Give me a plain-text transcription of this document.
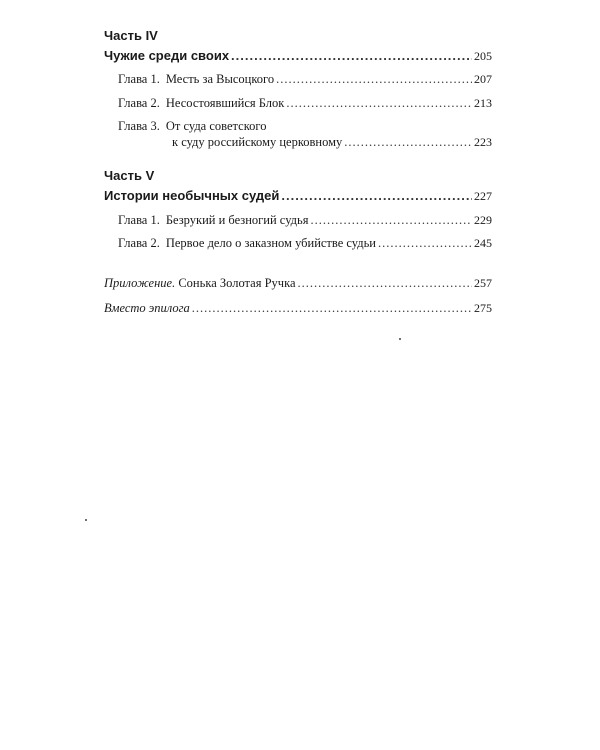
Часть IV
Чужие среди своих .....	205
Глава 1. Месть за Высоцкого .....	207
Глава 2. Несостоявшийся Блок .....	213
Глава 3. От суда советского
к суду российскому церковному .....	223
Часть V
Истории необычных судей .....	227
Глава 1. Безрукий и безногий судья .....	229
Глава 2. Первое дело о заказном убийстве судьи .....	245
Приложение. Сонька Золотая Ручка .....	257
Вместо эпилога .....	275
